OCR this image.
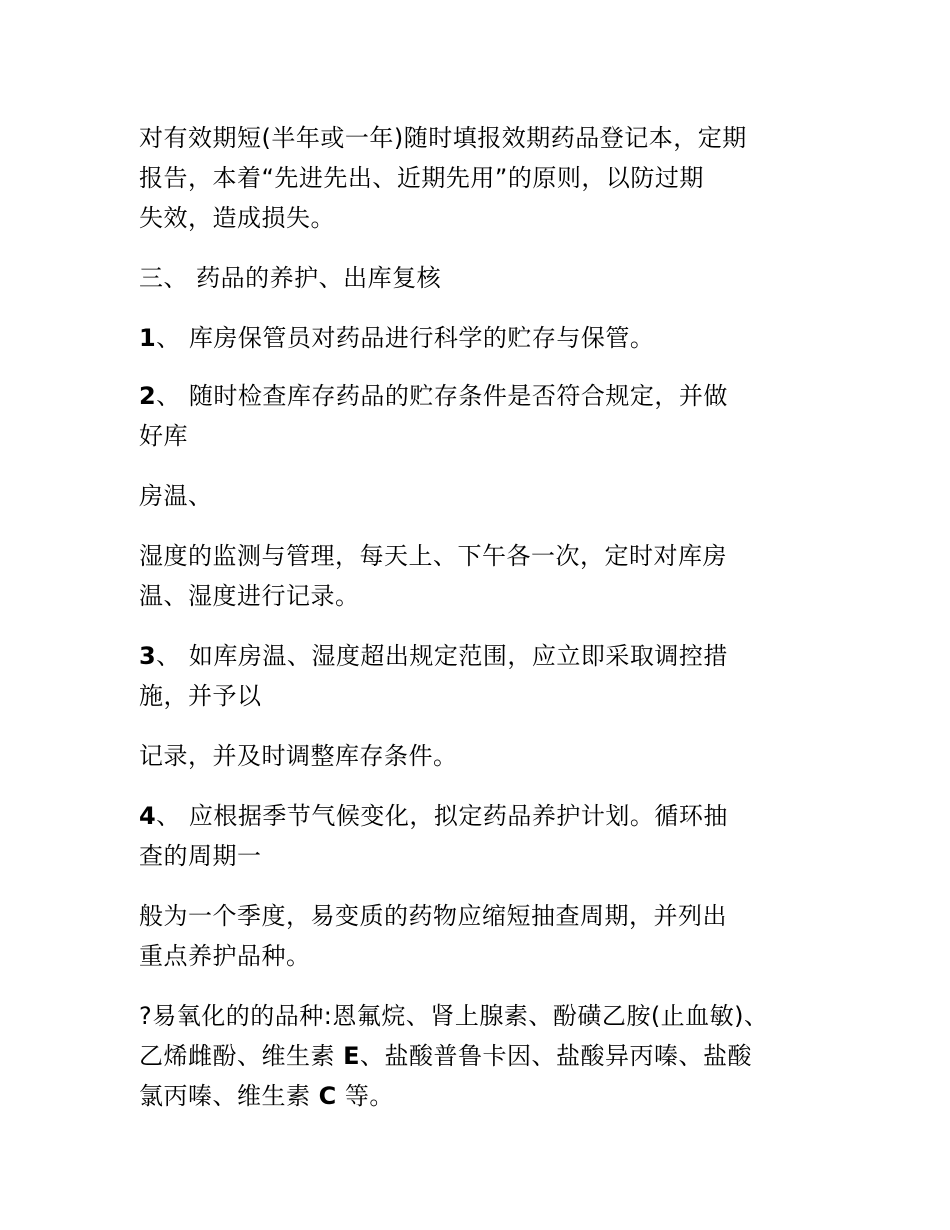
对有效期短(半年或一年)随时填报效期药品登记本，定期
报告，本着“先进先出、近期先用”的原则，以防过期
失效，造成损失。
三、 药品的养护、出库复核
1、 库房保管员对药品进行科学的贮存与保管。
2、 随时检查库存药品的贮存条件是否符合规定，并做
好库
房温、
湿度的监测与管理，每天上、下午各一次，定时对库房
温、湿度进行记录。
3、 如库房温、湿度超出规定范围，应立即采取调控措
施，并予以
记录，并及时调整库存条件。
4、 应根据季节气候变化，拟定药品养护计划。循环抽
查的周期一
般为一个季度，易变质的药物应缩短抽查周期，并列出
重点养护品种。
?易氧化的的品种:恩氟烷、肾上腺素、酚磺乙胺(止血敏)、
乙烯雌酚、维生素 E、盐酸普鲁卡因、盐酸异丙嗪、盐酸
氯丙嗪、维生素 C 等。
